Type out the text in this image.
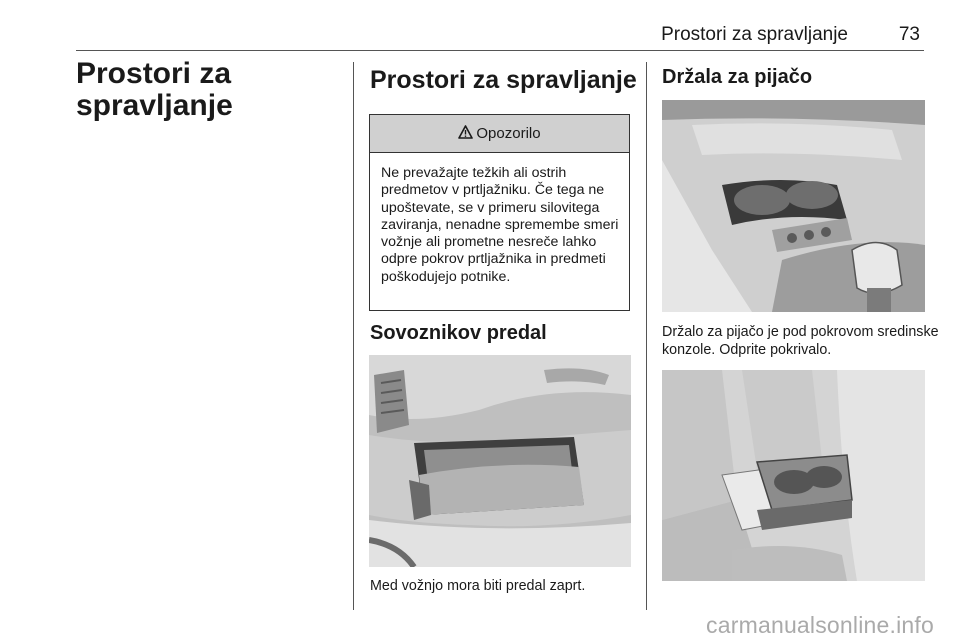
Prostori za spravljanje	73
Prostori za spravljanje
Prostori za spravljanje
Opozorilo
Ne prevažajte težkih ali ostrih predmetov v prtljažniku. Če tega ne upoštevate, se v primeru silovitega zaviranja, nenadne spremembe smeri vožnje ali prometne nesreče lahko odpre pokrov prtljažnika in predmeti poškodujejo potnike.
Sovoznikov predal
Med vožnjo mora biti predal zaprt.
Držala za pijačo
Držalo za pijačo je pod pokrovom sredinske konzole. Odprite pokrivalo.
carmanualsonline.info
